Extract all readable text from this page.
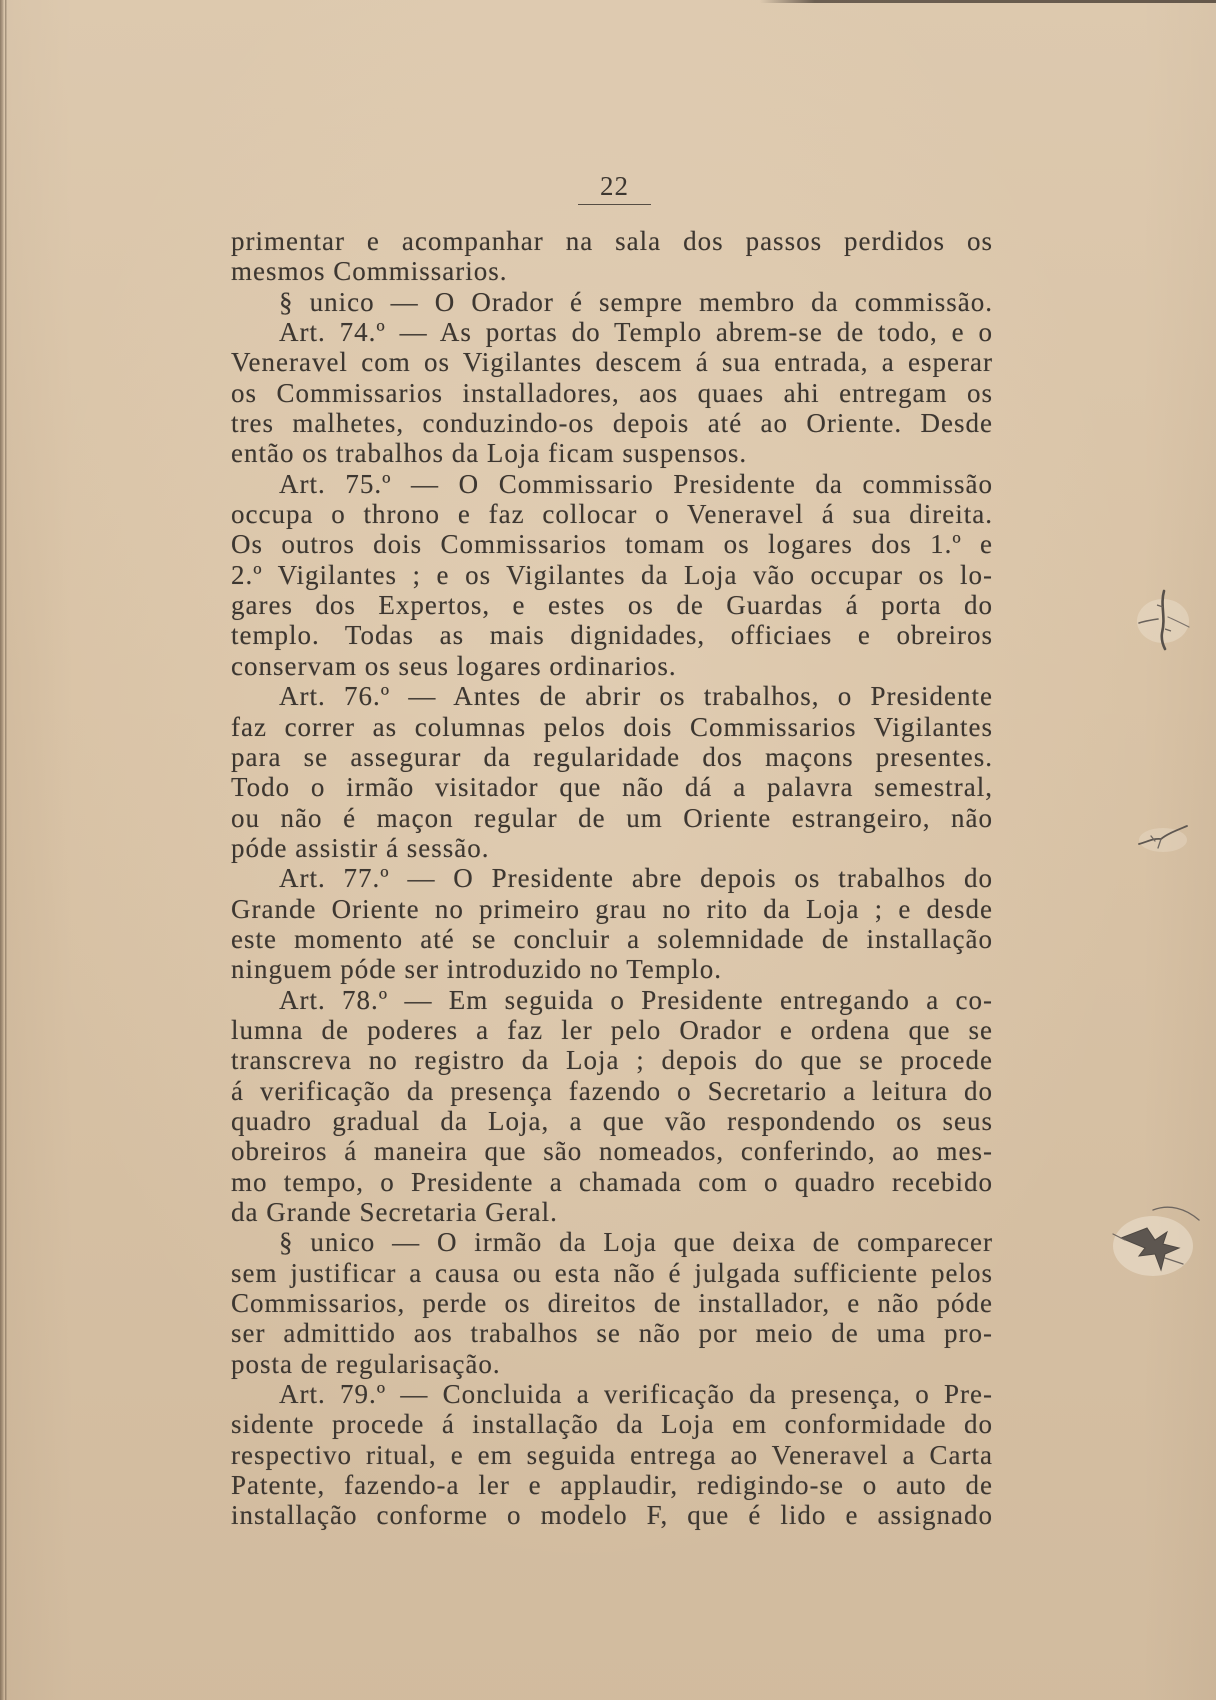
22
primentar e acompanhar na sala dos passos perdidos os
mesmos Commissarios.
§ unico — O Orador é sempre membro da commissão.
Art. 74.º — As portas do Templo abrem-se de todo, e o
Veneravel com os Vigilantes descem á sua entrada, a esperar
os Commissarios installadores, aos quaes ahi entregam os
tres malhetes, conduzindo-os depois até ao Oriente. Desde
então os trabalhos da Loja ficam suspensos.
Art. 75.º — O Commissario Presidente da commissão
occupa o throno e faz collocar o Veneravel á sua direita.
Os outros dois Commissarios tomam os logares dos 1.º e
2.º Vigilantes ; e os Vigilantes da Loja vão occupar os lo-
gares dos Expertos, e estes os de Guardas á porta do
templo. Todas as mais dignidades, officiaes e obreiros
conservam os seus logares ordinarios.
Art. 76.º — Antes de abrir os trabalhos, o Presidente
faz correr as columnas pelos dois Commissarios Vigilantes
para se assegurar da regularidade dos maçons presentes.
Todo o irmão visitador que não dá a palavra semestral,
ou não é maçon regular de um Oriente estrangeiro, não
póde assistir á sessão.
Art. 77.º — O Presidente abre depois os trabalhos do
Grande Oriente no primeiro grau no rito da Loja ; e desde
este momento até se concluir a solemnidade de installação
ninguem póde ser introduzido no Templo.
Art. 78.º — Em seguida o Presidente entregando a co-
lumna de poderes a faz ler pelo Orador e ordena que se
transcreva no registro da Loja ; depois do que se procede
á verificação da presença fazendo o Secretario a leitura do
quadro gradual da Loja, a que vão respondendo os seus
obreiros á maneira que são nomeados, conferindo, ao mes-
mo tempo, o Presidente a chamada com o quadro recebido
da Grande Secretaria Geral.
§ unico — O irmão da Loja que deixa de comparecer
sem justificar a causa ou esta não é julgada sufficiente pelos
Commissarios, perde os direitos de installador, e não póde
ser admittido aos trabalhos se não por meio de uma pro-
posta de regularisação.
Art. 79.º — Concluida a verificação da presença, o Pre-
sidente procede á installação da Loja em conformidade do
respectivo ritual, e em seguida entrega ao Veneravel a Carta
Patente, fazendo-a ler e applaudir, redigindo-se o auto de
installação conforme o modelo F, que é lido e assignado
